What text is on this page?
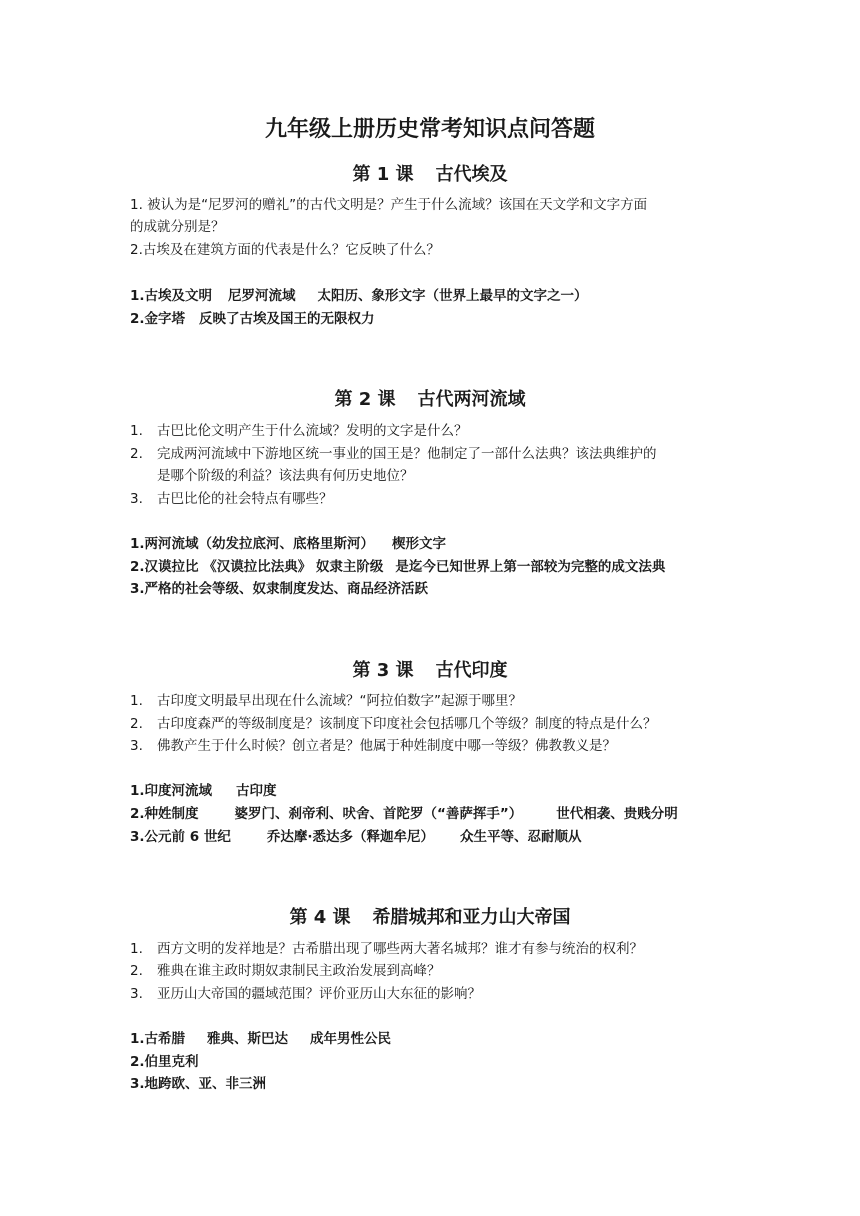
九年级上册历史常考知识点问答题
第 1 课 古代埃及
1. 被认为是“尼罗河的赠礼”的古代文明是？产生于什么流域？该国在天文学和文字方面
的成就分别是？
2.古埃及在建筑方面的代表是什么？它反映了什么？
1.古埃及文明 尼罗河流域 太阳历、象形文字（世界上最早的文字之一）
2.金字塔 反映了古埃及国王的无限权力
第 2 课 古代两河流域
1. 古巴比伦文明产生于什么流域？发明的文字是什么？
2. 完成两河流域中下游地区统一事业的国王是？他制定了一部什么法典？该法典维护的
是哪个阶级的利益？该法典有何历史地位？
3. 古巴比伦的社会特点有哪些？
1.两河流域（幼发拉底河、底格里斯河） 楔形文字
2.汉谟拉比 《汉谟拉比法典》 奴隶主阶级 是迄今已知世界上第一部较为完整的成文法典
3.严格的社会等级、奴隶制度发达、商品经济活跃
第 3 课 古代印度
1. 古印度文明最早出现在什么流域？“阿拉伯数字”起源于哪里？
2. 古印度森严的等级制度是？该制度下印度社会包括哪几个等级？制度的特点是什么？
3. 佛教产生于什么时候？创立者是？他属于种姓制度中哪一等级？佛教教义是？
1.印度河流域 古印度
2.种姓制度	婆罗门、刹帝利、吠舍、首陀罗（“善萨挥手”）	世代相袭、贵贱分明
3.公元前 6 世纪	乔达摩·悉达多（释迦牟尼） 众生平等、忍耐顺从
第 4 课 希腊城邦和亚力山大帝国
1. 西方文明的发祥地是？古希腊出现了哪些两大著名城邦？谁才有参与统治的权利？
2. 雅典在谁主政时期奴隶制民主政治发展到高峰？
3. 亚历山大帝国的疆域范围？评价亚历山大东征的影响？
1.古希腊 雅典、斯巴达 成年男性公民
2.伯里克利
3.地跨欧、亚、非三洲
